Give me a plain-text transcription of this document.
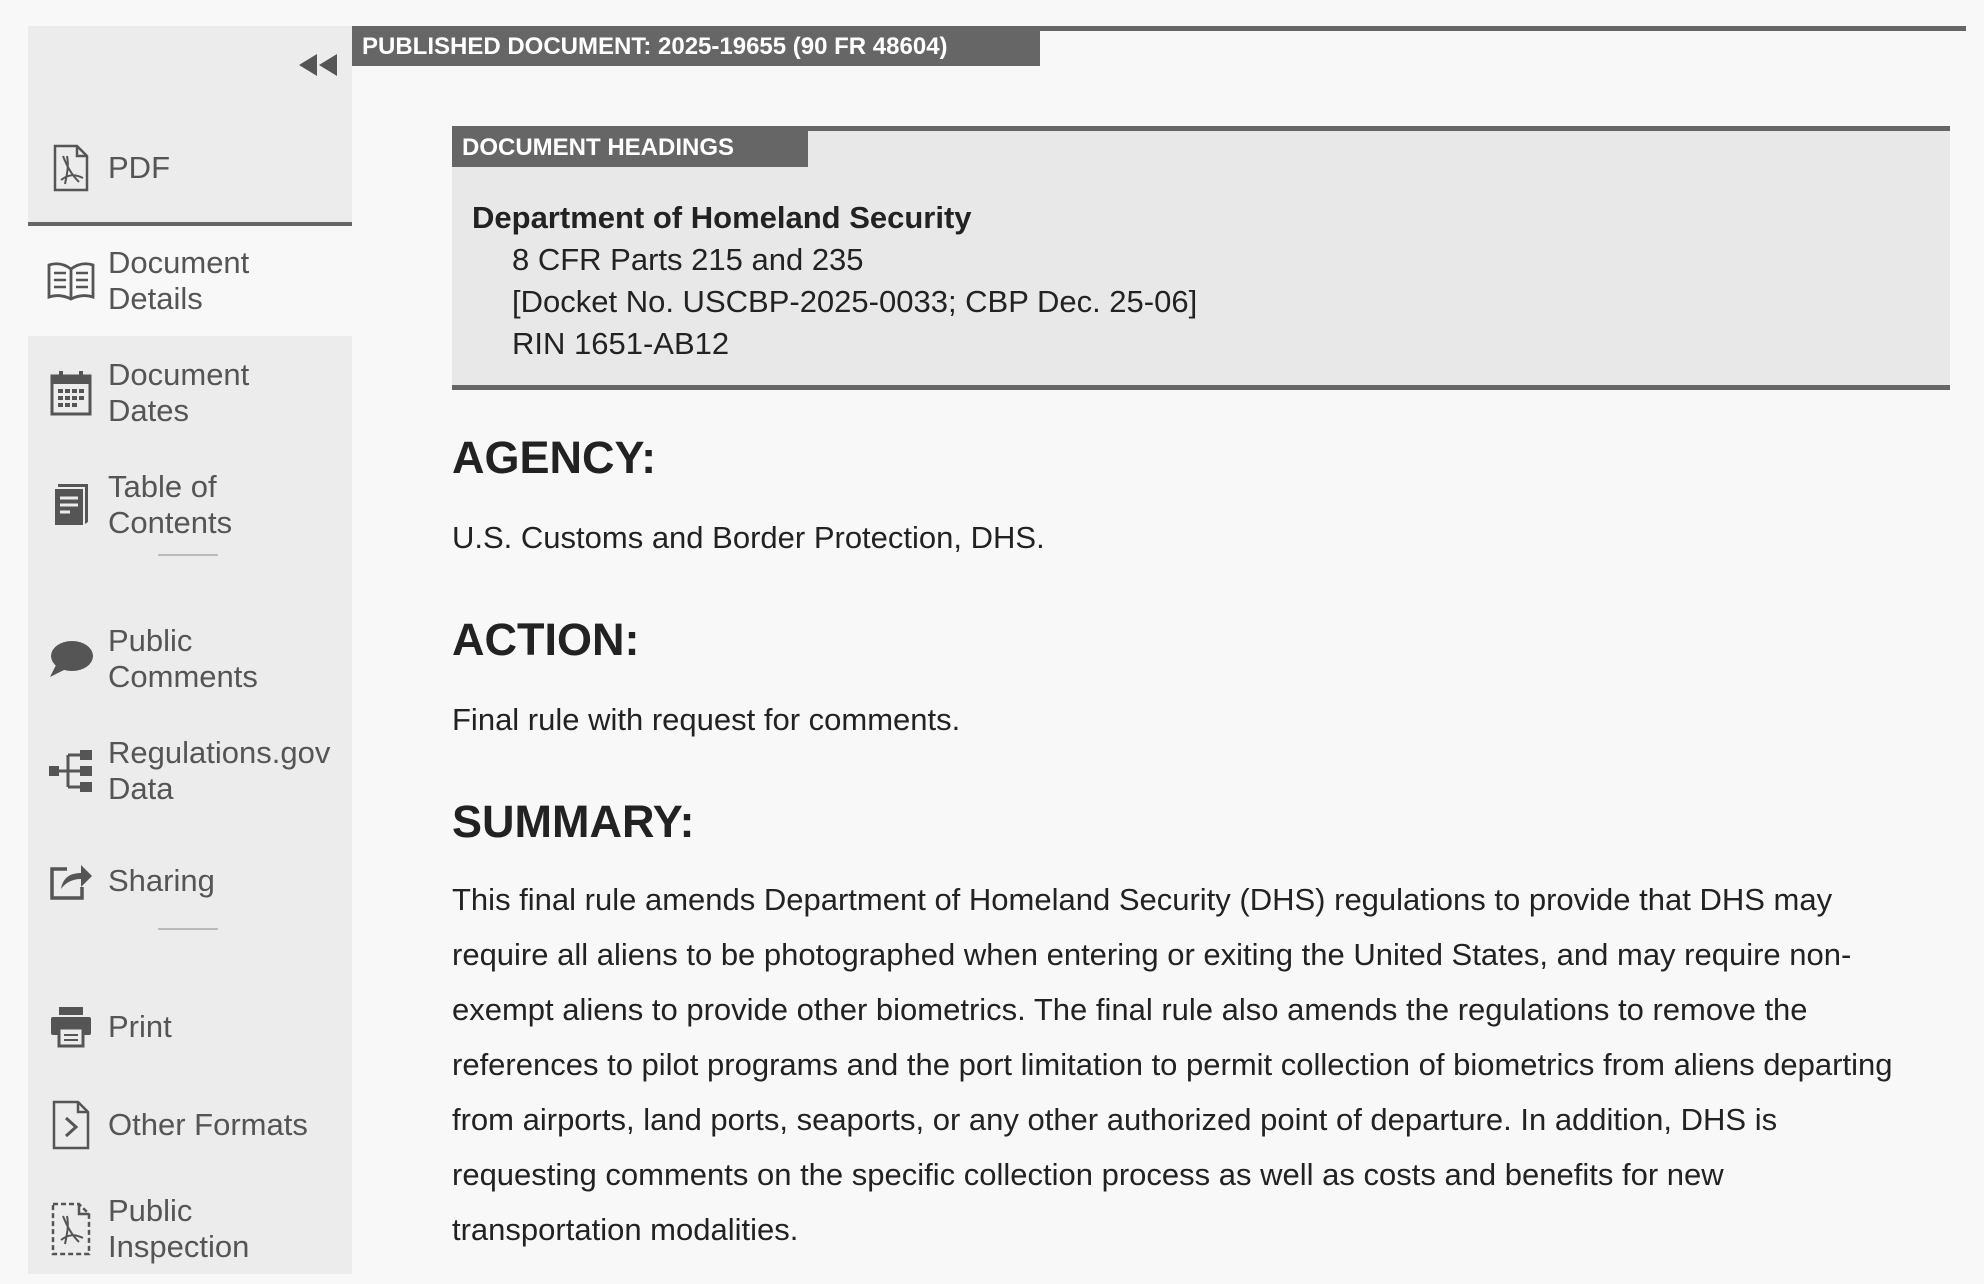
PDF
Document Details
Document Dates
Table of Contents
Public Comments
Regulations.gov Data
Sharing
Print
Other Formats
Public Inspection
PUBLISHED DOCUMENT: 2025-19655 (90 FR 48604)
DOCUMENT HEADINGS
Department of Homeland Security
8 CFR Parts 215 and 235
[Docket No. USCBP-2025-0033; CBP Dec. 25-06]
RIN 1651-AB12
AGENCY:

U.S. Customs and Border Protection, DHS.

ACTION:

Final rule with request for comments.

SUMMARY:

This final rule amends Department of Homeland Security (DHS) regulations to provide that DHS may require all aliens to be photographed when entering or exiting the United States, and may require non-exempt aliens to provide other biometrics. The final rule also amends the regulations to remove the references to pilot programs and the port limitation to permit collection of biometrics from aliens departing from airports, land ports, seaports, or any other authorized point of departure. In addition, DHS is requesting comments on the specific collection process as well as costs and benefits for new transportation modalities.
